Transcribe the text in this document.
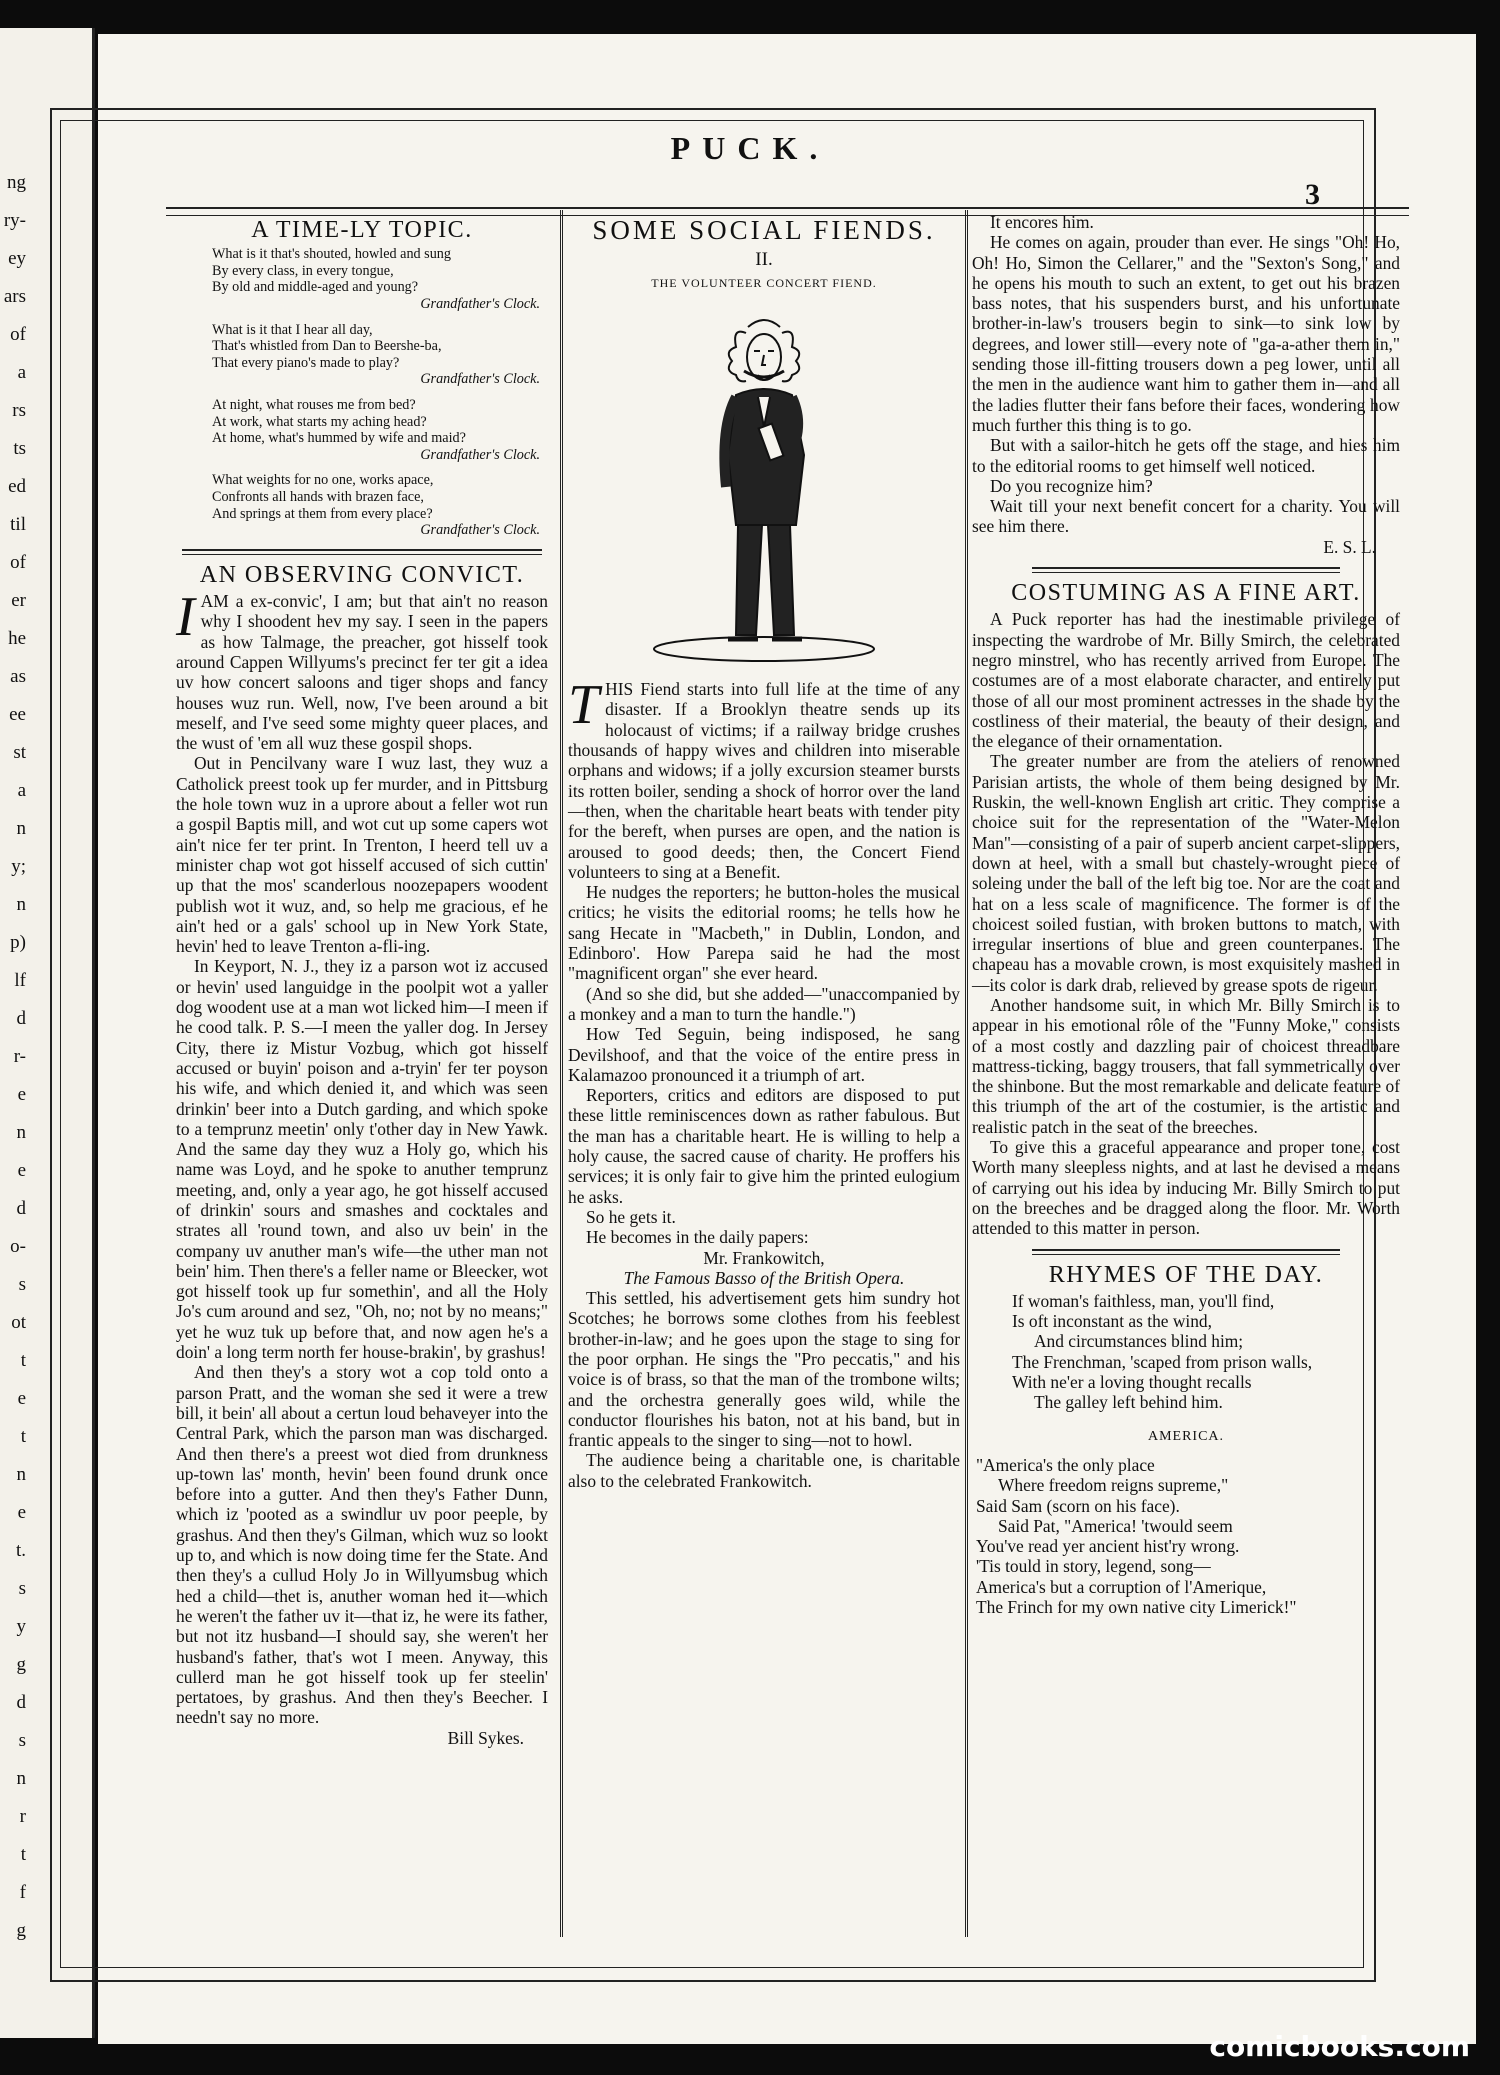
ng
ry-
ey
ars
of
a
rs
ts
ed
til
of
er
he
as
ee
st
a
n
y;
n
p)
lf
d
r-
e
n
e
d
o-
s
ot
t
e
t
n
e
t.
s
y
g
d
s
n
r
t
f
g
PUCK.
3
A TIME-LY TOPIC.
What is it that's shouted, howled and sung
By every class, in every tongue,
By old and middle-aged and young?
Grandfather's Clock.
What is it that I hear all day,
That's whistled from Dan to Beershe-ba,
That every piano's made to play?
Grandfather's Clock.
At night, what rouses me from bed?
At work, what starts my aching head?
At home, what's hummed by wife and maid?
Grandfather's Clock.
What weights for no one, works apace,
Confronts all hands with brazen face,
And springs at them from every place?
Grandfather's Clock.
AN OBSERVING CONVICT.

IAM a ex-convic', I am; but that ain't no reason why I shoodent hev my say. I seen in the papers as how Talmage, the preacher, got hisself took around Cappen Willyums's precinct fer ter git a idea uv how concert saloons and tiger shops and fancy houses wuz run. Well, now, I've been around a bit meself, and I've seed some mighty queer places, and the wust of 'em all wuz these gospil shops.

Out in Pencilvany ware I wuz last, they wuz a Catholick preest took up fer murder, and in Pittsburg the hole town wuz in a uprore about a feller wot run a gospil Baptis mill, and wot cut up some capers wot ain't nice fer ter print. In Trenton, I heerd tell uv a minister chap wot got hisself accused of sich cuttin' up that the mos' scanderlous noozepapers woodent publish wot it wuz, and, so help me gracious, ef he ain't hed or a gals' school up in New York State, hevin' hed to leave Trenton a-fli-ing.

In Keyport, N. J., they iz a parson wot iz accused or hevin' used languidge in the poolpit wot a yaller dog woodent use at a man wot licked him—I meen if he cood talk. P. S.—I meen the yaller dog. In Jersey City, there iz Mistur Vozbug, which got hisself accused or buyin' poison and a-tryin' fer ter poyson his wife, and which denied it, and which was seen drinkin' beer into a Dutch garding, and which spoke to a temprunz meetin' only t'other day in New Yawk. And the same day they wuz a Holy go, which his name was Loyd, and he spoke to anuther temprunz meeting, and, only a year ago, he got hisself accused of drinkin' sours and smashes and cocktales and strates all 'round town, and also uv bein' in the company uv anuther man's wife—the uther man not bein' him. Then there's a feller name or Bleecker, wot got hisself took up fur somethin', and all the Holy Jo's cum around and sez, "Oh, no; not by no means;" yet he wuz tuk up before that, and now agen he's a doin' a long term north fer house-brakin', by grashus!

And then they's a story wot a cop told onto a parson Pratt, and the woman she sed it were a trew bill, it bein' all about a certun loud behaveyer into the Central Park, which the parson man was discharged. And then there's a preest wot died from drunkness up-town las' month, hevin' been found drunk once before into a gutter. And then they's Father Dunn, which iz 'pooted as a swindlur uv poor peeple, by grashus. And then they's Gilman, which wuz so lookt up to, and which is now doing time fer the State. And then they's a cullud Holy Jo in Willyumsbug which hed a child—thet is, anuther woman hed it—which he weren't the father uv it—that iz, he were its father, but not itz husband—I should say, she weren't her husband's father, that's wot I meen. Anyway, this cullerd man he got hisself took up fer steelin' pertatoes, by grashus. And then they's Beecher. I needn't say no more.

Bill Sykes.
SOME SOCIAL FIENDS.
II.
THE VOLUNTEER CONCERT FIEND.

THIS Fiend starts into full life at the time of any disaster. If a Brooklyn theatre sends up its holocaust of victims; if a railway bridge crushes thousands of happy wives and children into miserable orphans and widows; if a jolly excursion steamer bursts its rotten boiler, sending a shock of horror over the land—then, when the charitable heart beats with tender pity for the bereft, when purses are open, and the nation is aroused to good deeds; then, the Concert Fiend volunteers to sing at a Benefit.

He nudges the reporters; he button-holes the musical critics; he visits the editorial rooms; he tells how he sang Hecate in "Macbeth," in Dublin, London, and Edinboro'. How Parepa said he had the most "magnificent organ" she ever heard.

(And so she did, but she added—"unaccompanied by a monkey and a man to turn the handle.")

How Ted Seguin, being indisposed, he sang Devilshoof, and that the voice of the entire press in Kalamazoo pronounced it a triumph of art.

Reporters, critics and editors are disposed to put these little reminiscences down as rather fabulous. But the man has a charitable heart. He is willing to help a holy cause, the sacred cause of charity. He proffers his services; it is only fair to give him the printed eulogium he asks.

So he gets it.

He becomes in the daily papers:

Mr. Frankowitch,

The Famous Basso of the British Opera.

This settled, his advertisement gets him sundry hot Scotches; he borrows some clothes from his feeblest brother-in-law; and he goes upon the stage to sing for the poor orphan. He sings the "Pro peccatis," and his voice is of brass, so that the man of the trombone wilts; and the orchestra generally goes wild, while the conductor flourishes his baton, not at his band, but in frantic appeals to the singer to sing—not to howl.

The audience being a charitable one, is charitable also to the celebrated Frankowitch.

It encores him.

He comes on again, prouder than ever. He sings "Oh! Ho, Oh! Ho, Simon the Cellarer," and the "Sexton's Song," and he opens his mouth to such an extent, to get out his brazen bass notes, that his suspenders burst, and his unfortunate brother-in-law's trousers begin to sink—to sink low by degrees, and lower still—every note of "ga-a-ather them in," sending those ill-fitting trousers down a peg lower, until all the men in the audience want him to gather them in—and all the ladies flutter their fans before their faces, wondering how much further this thing is to go.

But with a sailor-hitch he gets off the stage, and hies him to the editorial rooms to get himself well noticed.

Do you recognize him?

Wait till your next benefit concert for a charity. You will see him there.

E. S. L.
COSTUMING AS A FINE ART.

A Puck reporter has had the inestimable privilege of inspecting the wardrobe of Mr. Billy Smirch, the celebrated negro minstrel, who has recently arrived from Europe. The costumes are of a most elaborate character, and entirely put those of all our most prominent actresses in the shade by the costliness of their material, the beauty of their design, and the elegance of their ornamentation.

The greater number are from the ateliers of renowned Parisian artists, the whole of them being designed by Mr. Ruskin, the well-known English art critic. They comprise a choice suit for the representation of the "Water-Melon Man"—consisting of a pair of superb ancient carpet-slippers, down at heel, with a small but chastely-wrought piece of soleing under the ball of the left big toe. Nor are the coat and hat on a less scale of magnificence. The former is of the choicest soiled fustian, with broken buttons to match, with irregular insertions of blue and green counterpanes. The chapeau has a movable crown, is most exquisitely mashed in—its color is dark drab, relieved by grease spots de rigeur.

Another handsome suit, in which Mr. Billy Smirch is to appear in his emotional rôle of the "Funny Moke," consists of a most costly and dazzling pair of choicest threadbare mattress-ticking, baggy trousers, that fall symmetrically over the shinbone. But the most remarkable and delicate feature of this triumph of the art of the costumier, is the artistic and realistic patch in the seat of the breeches.

To give this a graceful appearance and proper tone, cost Worth many sleepless nights, and at last he devised a means of carrying out his idea by inducing Mr. Billy Smirch to put on the breeches and be dragged along the floor. Mr. Worth attended to this matter in person.

RHYMES OF THE DAY.

If woman's faithless, man, you'll find,

Is oft inconstant as the wind,

And circumstances blind him;

The Frenchman, 'scaped from prison walls,

With ne'er a loving thought recalls

The galley left behind him.

AMERICA.

"America's the only place

Where freedom reigns supreme,"

Said Sam (scorn on his face).

Said Pat, "America! 'twould seem

You've read yer ancient hist'ry wrong.

'Tis tould in story, legend, song—

America's but a corruption of l'Amerique,

The Frinch for my own native city Limerick!"

comicbooks.com
